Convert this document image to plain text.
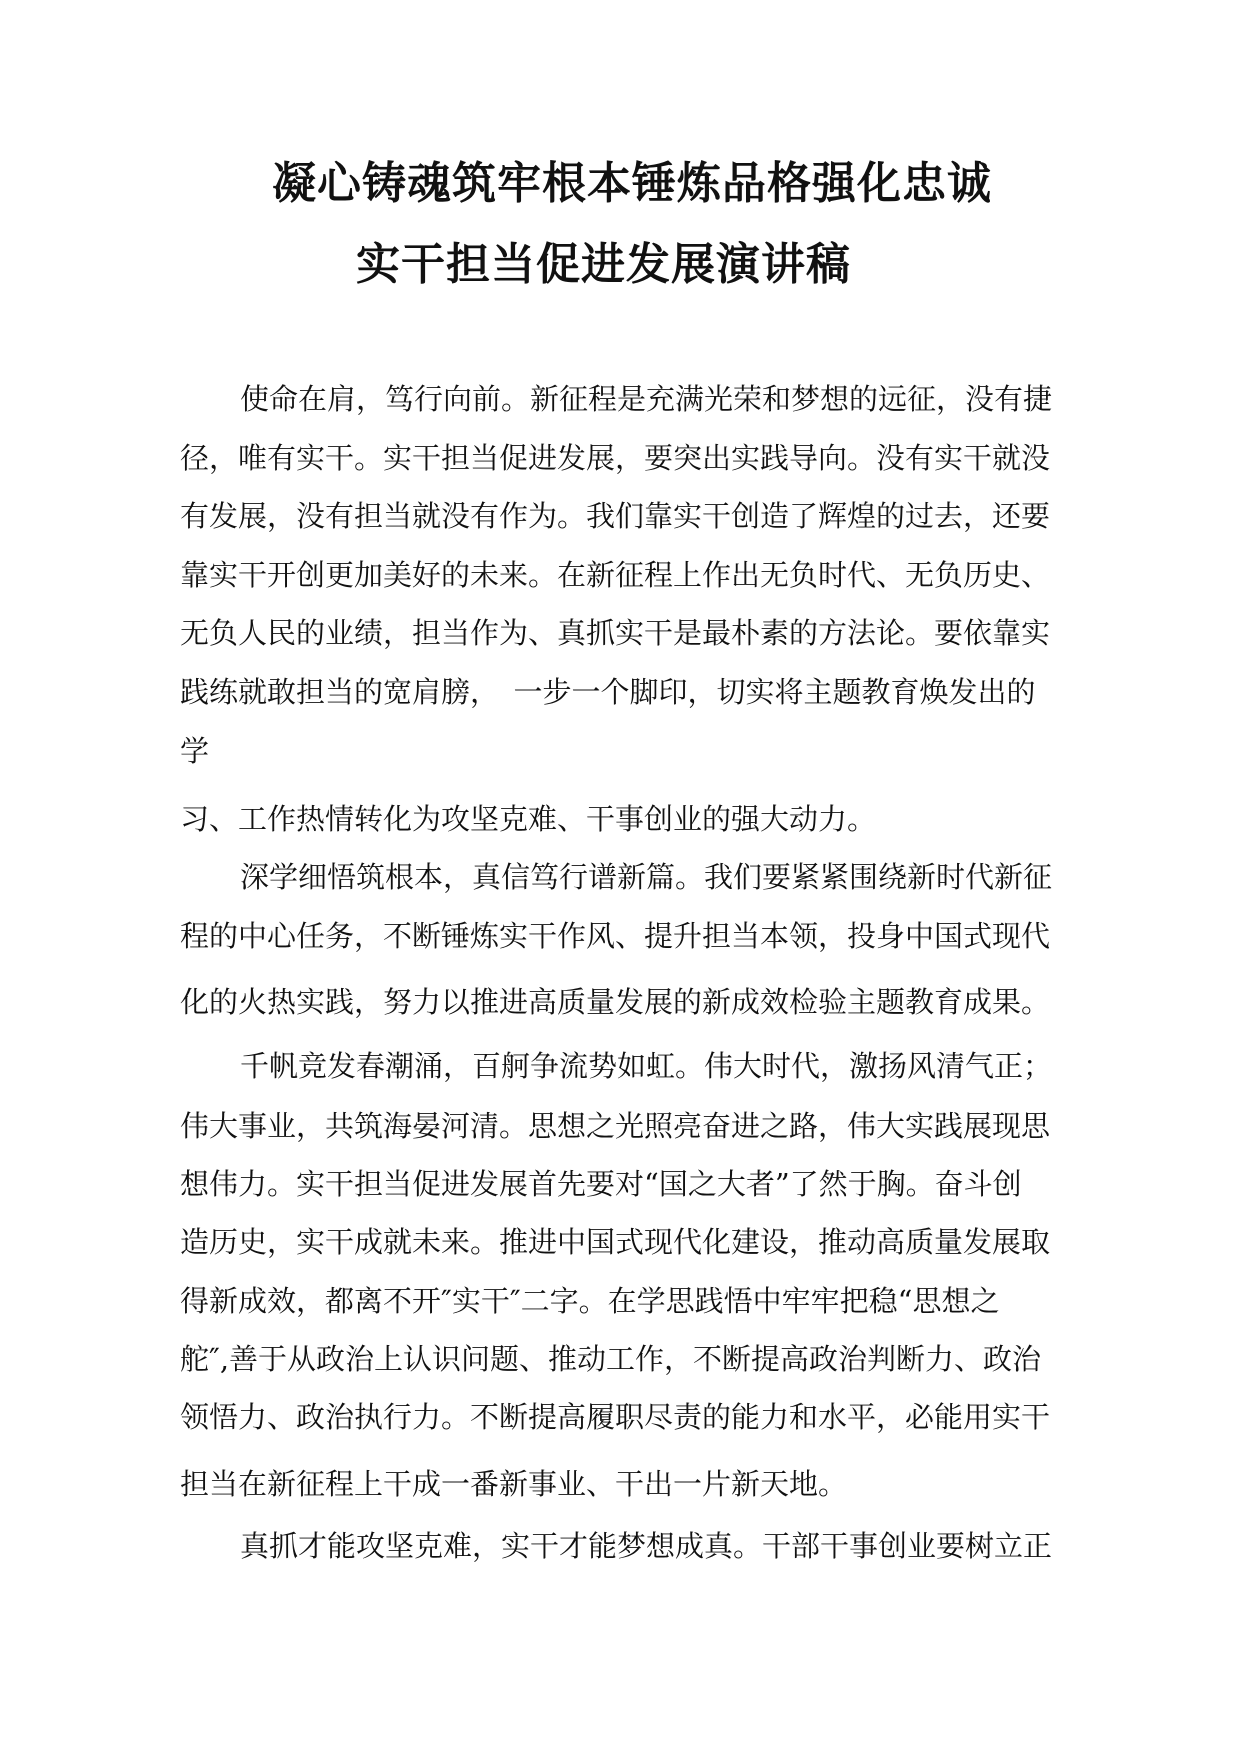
凝心铸魂筑牢根本锤炼品格强化忠诚
实干担当促进发展演讲稿
使命在肩，笃行向前。新征程是充满光荣和梦想的远征，没有捷
径，唯有实干。实干担当促进发展，要突出实践导向。没有实干就没
有发展，没有担当就没有作为。我们靠实干创造了辉煌的过去，还要
靠实干开创更加美好的未来。在新征程上作出无负时代、无负历史、
无负人民的业绩，担当作为、真抓实干是最朴素的方法论。要依靠实
践练就敢担当的宽肩膀，　一步一个脚印，切实将主题教育焕发出的
学
习、工作热情转化为攻坚克难、干事创业的强大动力。
深学细悟筑根本，真信笃行谱新篇。我们要紧紧围绕新时代新征
程的中心任务，不断锤炼实干作风、提升担当本领，投身中国式现代
化的火热实践，努力以推进高质量发展的新成效检验主题教育成果。
千帆竞发春潮涌，百舸争流势如虹。伟大时代，激扬风清气正；
伟大事业，共筑海晏河清。思想之光照亮奋进之路，伟大实践展现思
想伟力。实干担当促进发展首先要对“国之大者”了然于胸。奋斗创
造历史，实干成就未来。推进中国式现代化建设，推动高质量发展取
得新成效，都离不开″实干″二字。在学思践悟中牢牢把稳“思想之
舵″,善于从政治上认识问题、推动工作，不断提高政治判断力、政治
领悟力、政治执行力。不断提高履职尽责的能力和水平，必能用实干
担当在新征程上干成一番新事业、干出一片新天地。
真抓才能攻坚克难，实干才能梦想成真。干部干事创业要树立正
